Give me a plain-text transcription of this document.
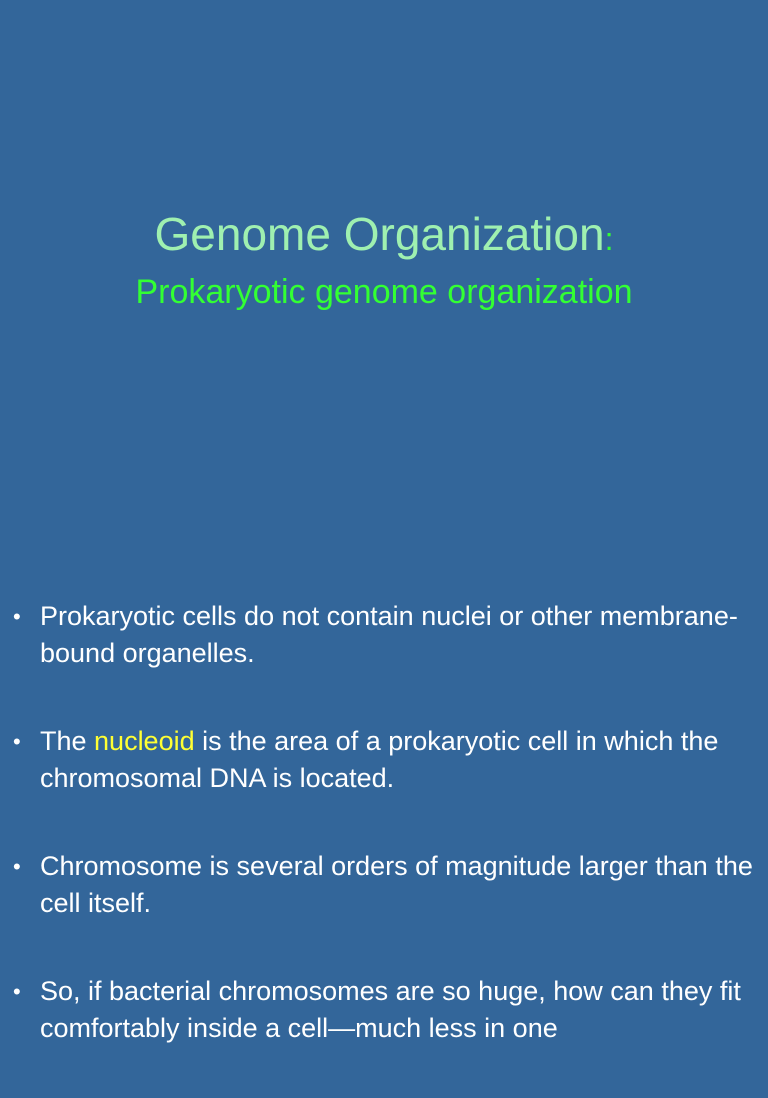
Genome Organization:
Prokaryotic genome organization
• Prokaryotic cells do not contain nuclei or other membrane-bound organelles.
• The nucleoid is the area of a prokaryotic cell in which the chromosomal DNA is located.
• Chromosome is several orders of magnitude larger than the cell itself.
• So, if bacterial chromosomes are so huge, how can they fit comfortably inside a cell—much less in one
